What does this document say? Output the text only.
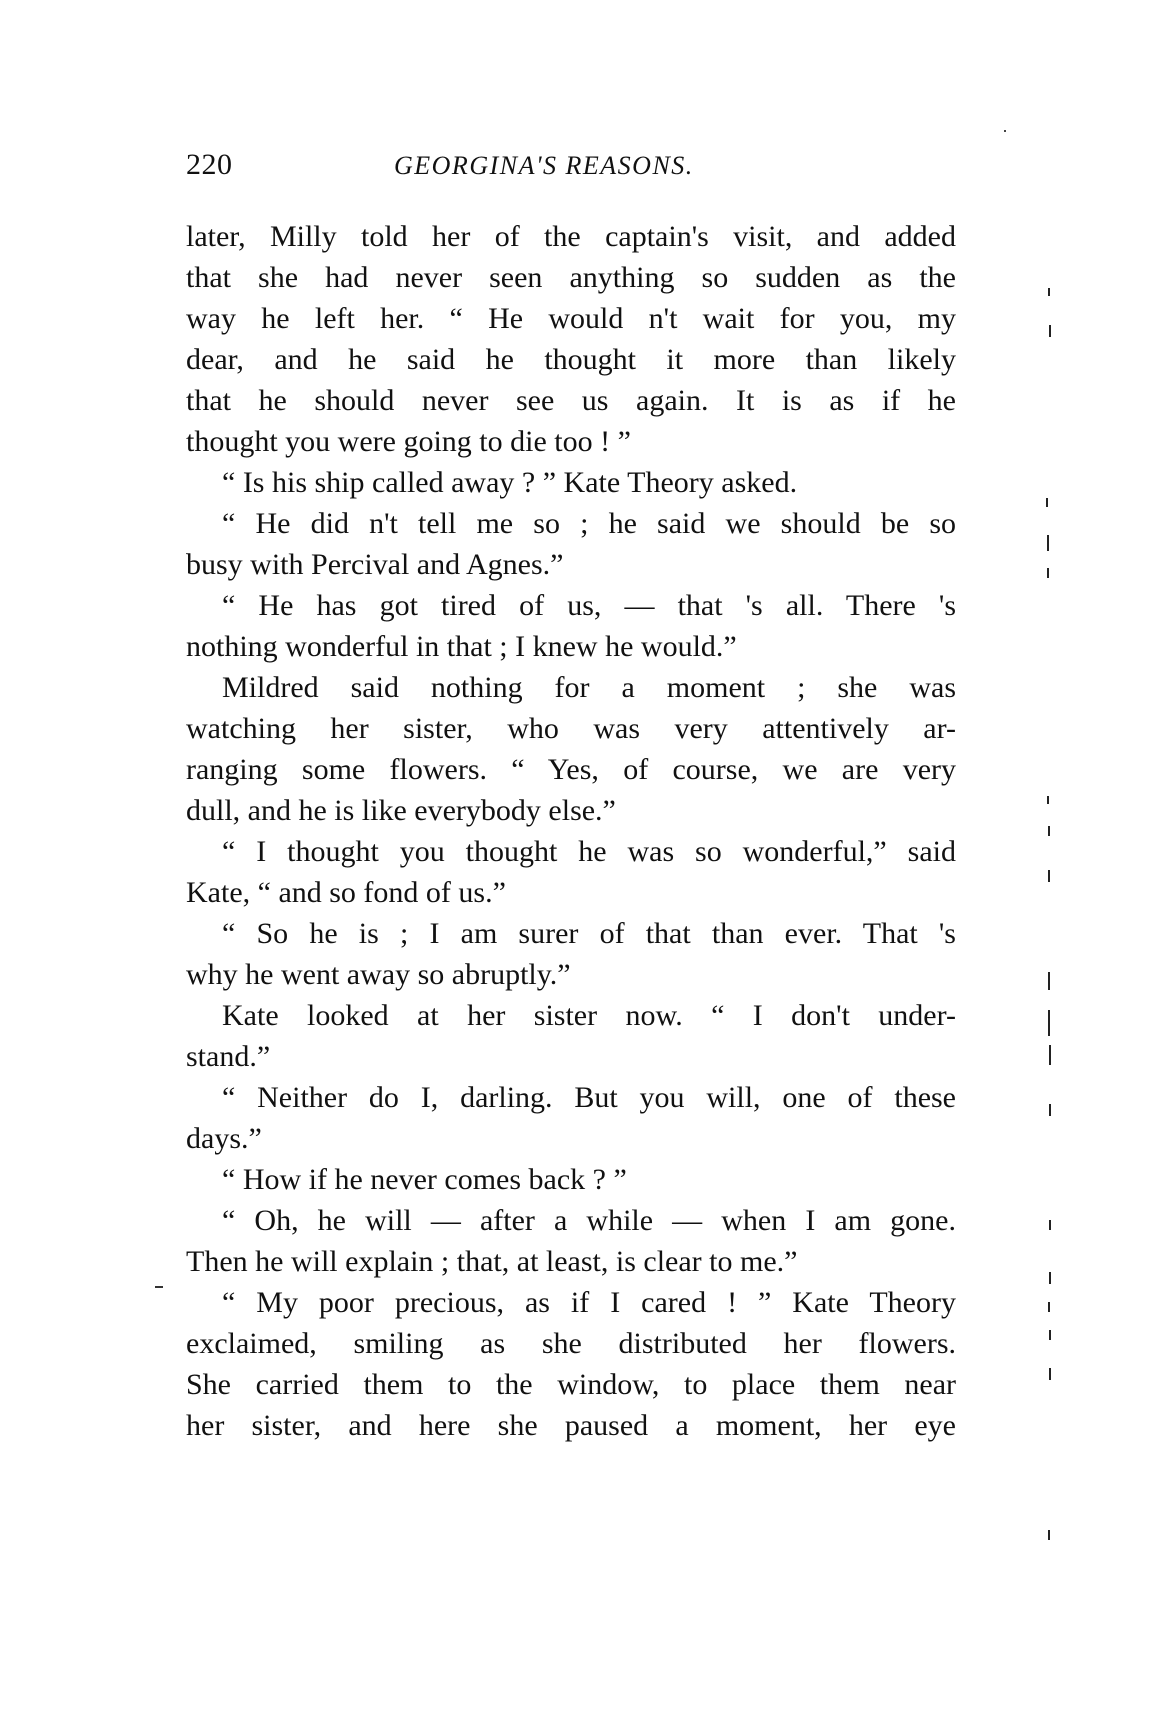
220	GEORGINA'S REASONS.
later, Milly told her of the captain's visit, and added
that she had never seen anything so sudden as the
way he left her. “ He would n't wait for you, my
dear, and he said he thought it more than likely
that he should never see us again. It is as if he
thought you were going to die too ! ”
“ Is his ship called away ? ” Kate Theory asked.
“ He did n't tell me so ; he said we should be so
busy with Percival and Agnes.”
“ He has got tired of us, — that 's all. There 's
nothing wonderful in that ; I knew he would.”
Mildred said nothing for a moment ; she was
watching her sister, who was very attentively ar-
ranging some flowers. “ Yes, of course, we are very
dull, and he is like everybody else.”
“ I thought you thought he was so wonderful,” said
Kate, “ and so fond of us.”
“ So he is ; I am surer of that than ever. That 's
why he went away so abruptly.”
Kate looked at her sister now. “ I don't under-
stand.”
“ Neither do I, darling. But you will, one of these
days.”
“ How if he never comes back ? ”
“ Oh, he will — after a while — when I am gone.
Then he will explain ; that, at least, is clear to me.”
“ My poor precious, as if I cared ! ” Kate Theory
exclaimed, smiling as she distributed her flowers.
She carried them to the window, to place them near
her sister, and here she paused a moment, her eye
